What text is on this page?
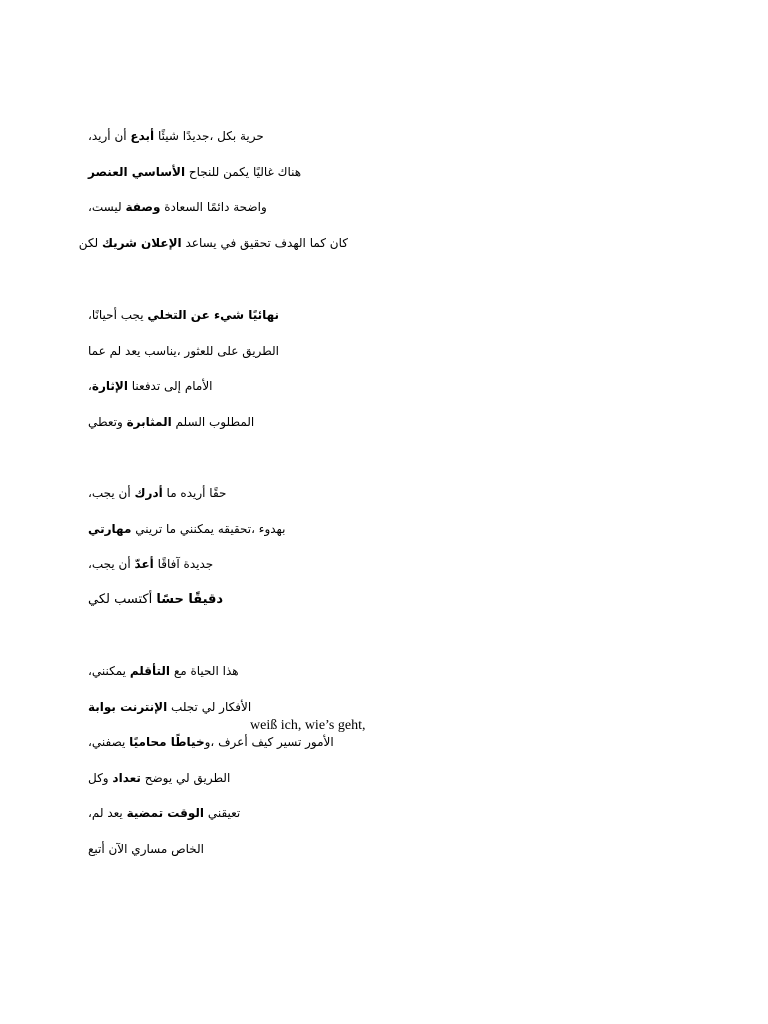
حرية بكل ،جديدًا شيئًا أبدع أن أريد،
هناك غاليًا يكمن للنجاح الأساسي العنصر
واضحة دائمًا السعادة وصفة ليست،
كان كما الهدف تحقيق في يساعد الإعلان شريك لكن
نهائيًا شيء عن التخلي يجب أحيانًا،
الطريق على للعثور ،يناسب يعد لم عما
الأمام إلى تدفعنا الإثارة،
المطلوب السلم المثابرة وتعطي
حقًا أريده ما أدرك أن يجب،
بهدوء ،تحقيقه يمكنني ما تريني مهارتي
جديدة آفاقًا أعدّ أن يجب،
دقيقًا حسًا أكتسب لكي
هذا الحياة مع التأقلم يمكنني،
الأفكار لي تجلب الإنترنت بوابة
الأمور تسير كيف أعرف ،وخياطًا محاميًا يصفني،
الطريق لي يوضح تعداد وكل
تعيقني الوقت تمضية يعد لم،
الخاص مساري الآن أتبع
weiß ich, wie’s geht,
